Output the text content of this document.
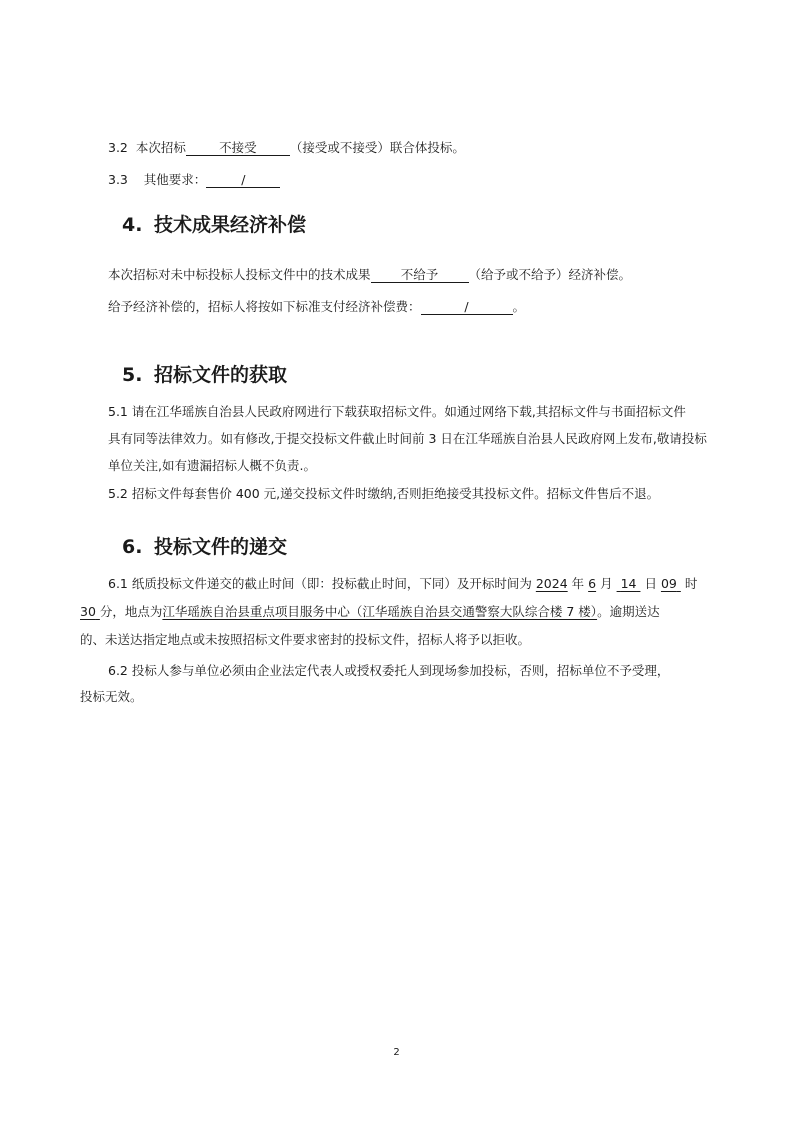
3.2 本次招标	不接受	（接受或不接受）联合体投标。
3.3 其他要求：	/
4. 技术成果经济补偿
本次招标对未中标投标人投标文件中的技术成果 不给予 （给予或不给予）经济补偿。
给予经济补偿的，招标人将按如下标准支付经济补偿费：	/	。
5. 招标文件的获取
5.1 请在江华瑶族自治县人民政府网进行下载获取招标文件。如通过网络下载,其招标文件与书面招标文件
具有同等法律效力。如有修改,于提交投标文件截止时间前 3 日在江华瑶族自治县人民政府网上发布,敬请投标
单位关注,如有遗漏招标人概不负责.。
5.2 招标文件每套售价 400 元,递交投标文件时缴纳,否则拒绝接受其投标文件。招标文件售后不退。
6. 投标文件的递交
6.1 纸质投标文件递交的截止时间（即：投标截止时间，下同）及开标时间为 2024 年 6 月 14 日 09 时
30 分，地点为江华瑶族自治县重点项目服务中心（江华瑶族自治县交通警察大队综合楼 7 楼）。逾期送达
的、未送达指定地点或未按照招标文件要求密封的投标文件，招标人将予以拒收。
6.2 投标人参与单位必须由企业法定代表人或授权委托人到现场参加投标，否则，招标单位不予受理，
投标无效。
2
